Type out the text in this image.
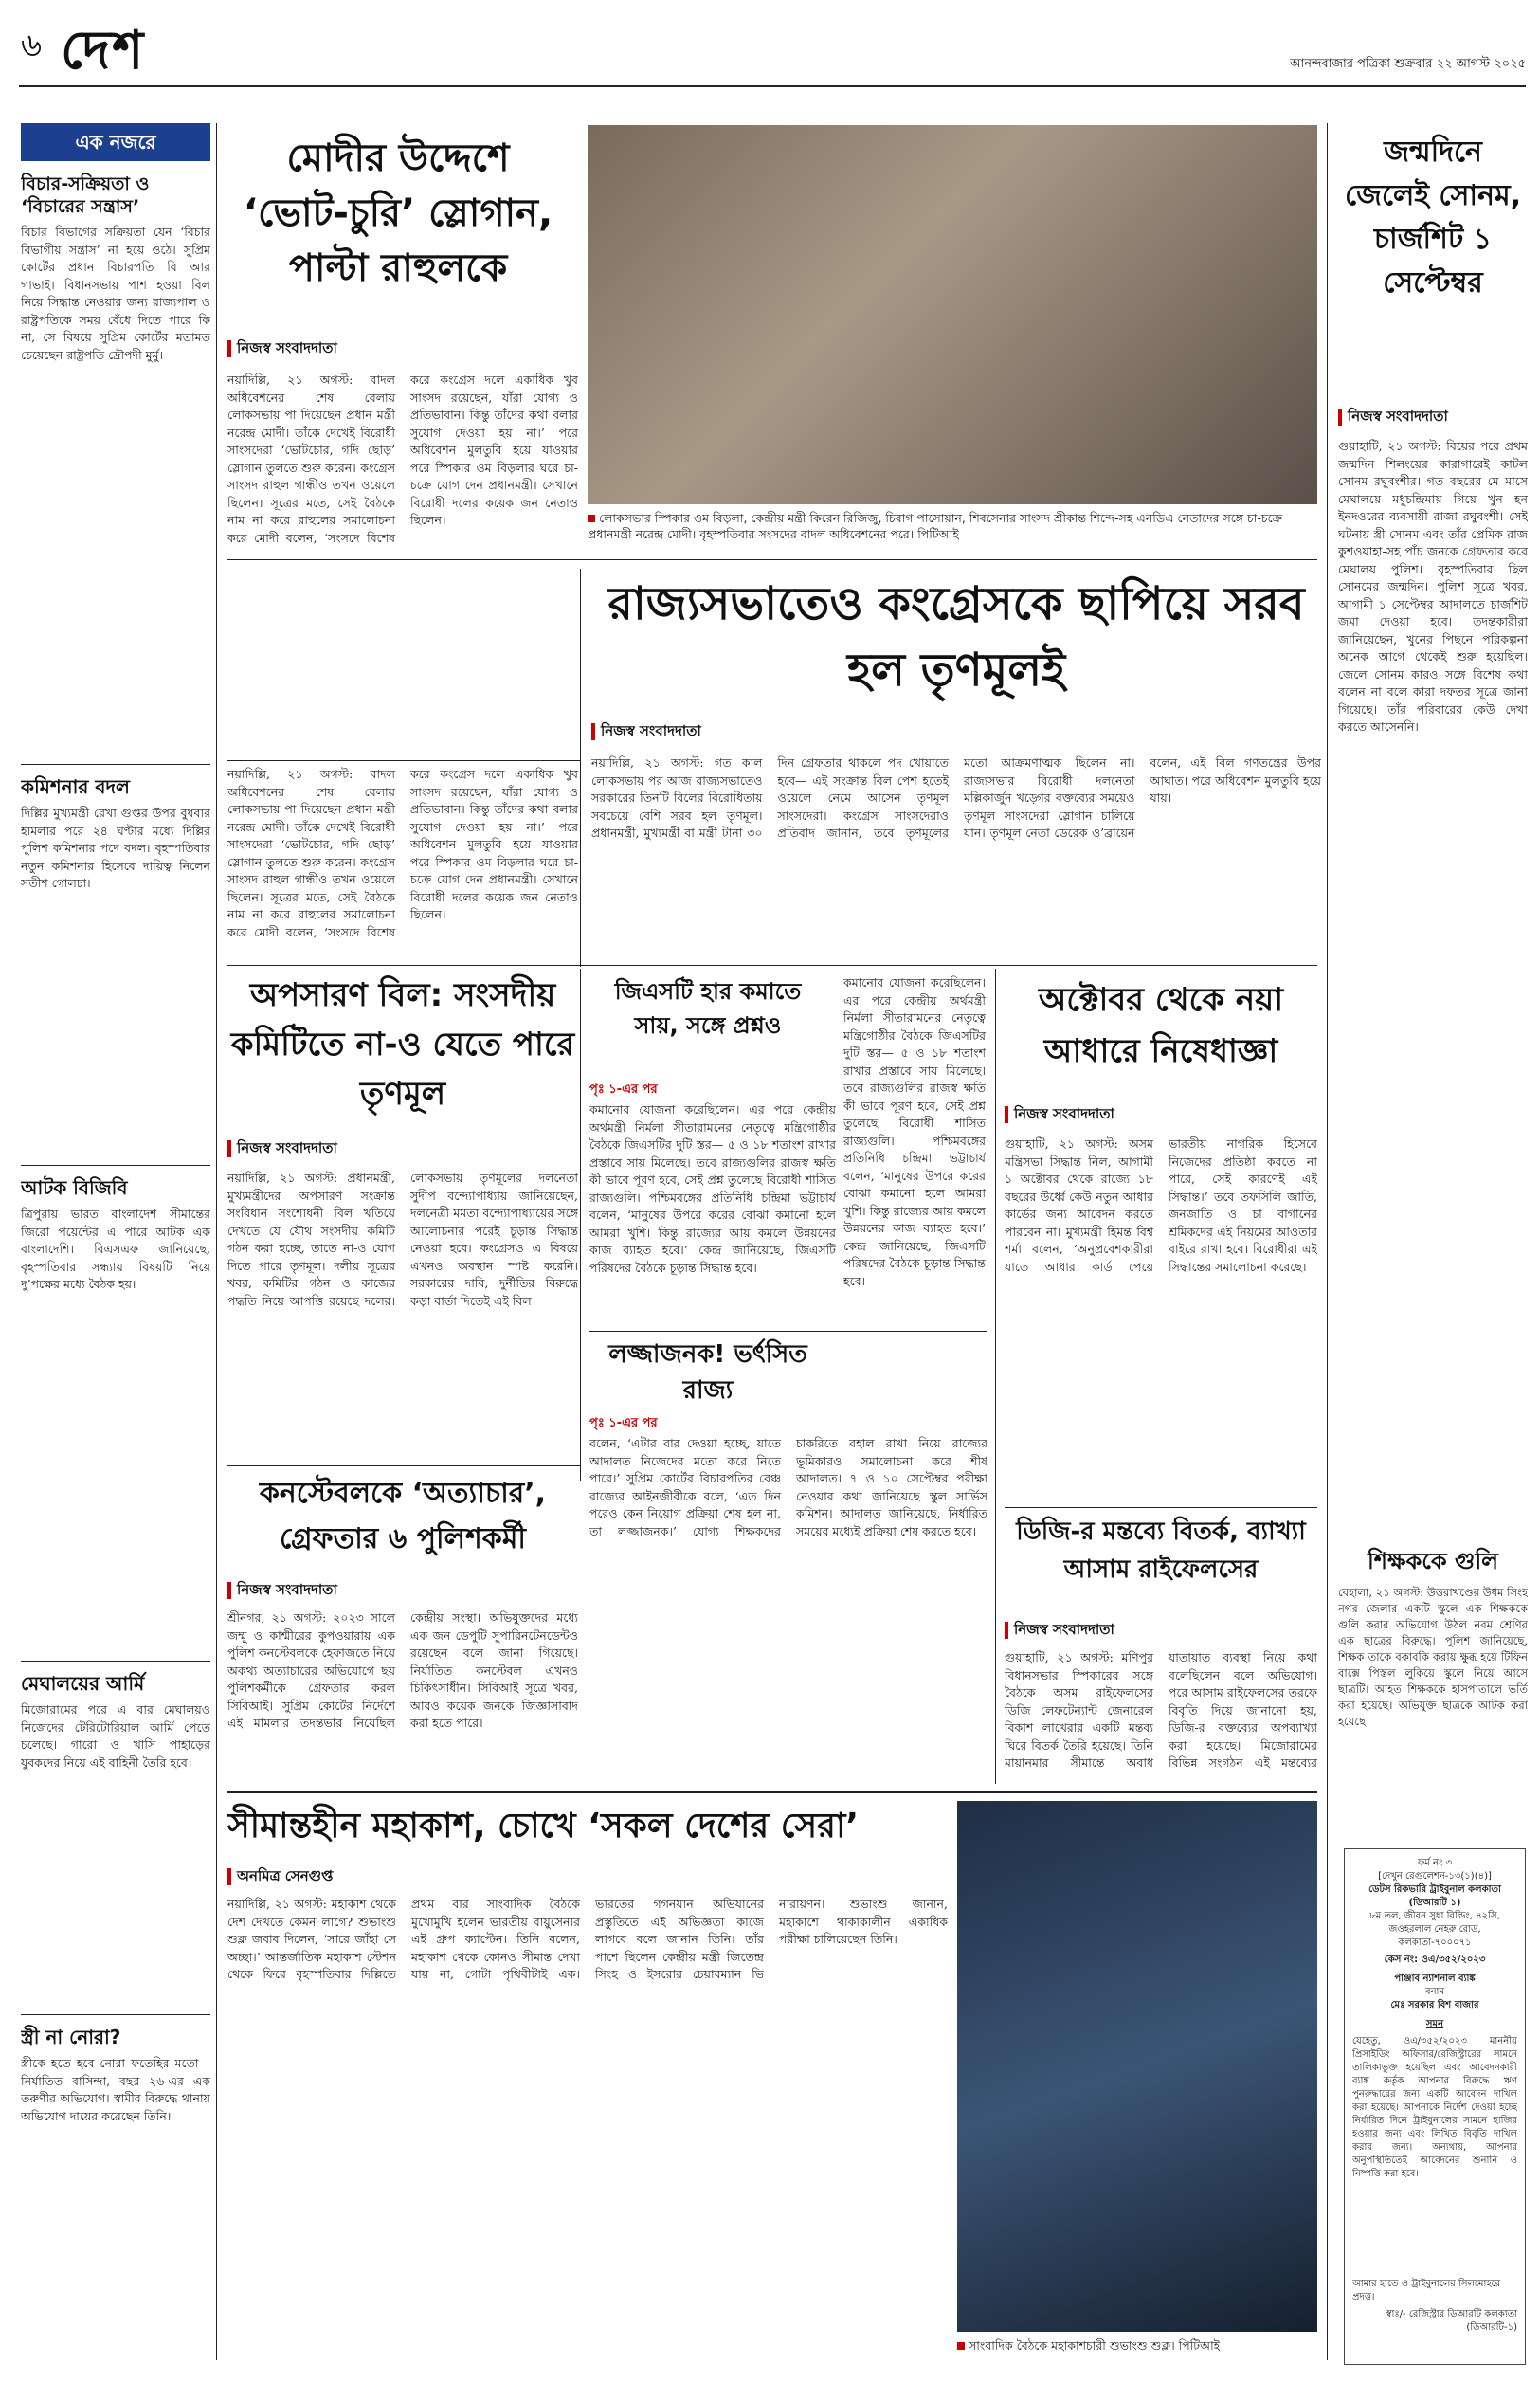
৬ দেশ	আনন্দবাজার পত্রিকা শুক্রবার ২২ আগস্ট ২০২৫
এক নজরে
বিচার-সক্রিয়তা ও ‘বিচারের সন্ত্রাস’
বিচার বিভাগের সক্রিয়তা যেন ‘বিচার বিভাগীয় সন্ত্রাস’ না হয়ে ওঠে। সুপ্রিম কোর্টের প্রধান বিচারপতি বি আর গাভাই। বিধানসভায় পাশ হওয়া বিল নিয়ে সিদ্ধান্ত নেওয়ার জন্য রাজ্যপাল ও রাষ্ট্রপতিকে সময় বেঁধে দিতে পারে কি না, সে বিষয়ে সুপ্রিম কোর্টের মতামত চেয়েছেন রাষ্ট্রপতি দ্রৌপদী মুর্মু।
কমিশনার বদল
দিল্লির মুখ্যমন্ত্রী রেখা গুপ্তর উপর বুধবার হামলার পরে ২৪ ঘণ্টার মধ্যে দিল্লির পুলিশ কমিশনার পদে বদল। বৃহস্পতিবার নতুন কমিশনার হিসেবে দায়িত্ব নিলেন সতীশ গোলচা।
আটক বিজিবি
ত্রিপুরায় ভারত বাংলাদেশ সীমান্তের জিরো পয়েন্টের এ পারে আটক এক বাংলাদেশি। বিএসএফ জানিয়েছে, বৃহস্পতিবার সন্ধ্যায় বিষয়টি নিয়ে দু’পক্ষের মধ্যে বৈঠক হয়।
মেঘালয়ের আর্মি
মিজোরামের পরে এ বার মেঘালয়ও নিজেদের টেরিটোরিয়াল আর্মি পেতে চলেছে। গারো ও খাসি পাহাড়ের যুবকদের নিয়ে এই বাহিনী তৈরি হবে।
স্ত্রী না নোরা?
স্ত্রীকে হতে হবে নোরা ফতেহির মতো— নির্যাতিত বাসিন্দা, বছর ২৬-এর এক তরুণীর অভিযোগ। স্বামীর বিরুদ্ধে থানায় অভিযোগ দায়ের করেছেন তিনি।
মোদীর উদ্দেশে ‘ভোট-চুরি’ স্লোগান, পাল্টা রাহুলকে
নিজস্ব সংবাদদাতা
নয়াদিল্লি, ২১ অগস্ট: বাদল অধিবেশনের শেষ বেলায় লোকসভায় পা দিয়েছেন প্রধান মন্ত্রী নরেন্দ্র মোদী। তাঁকে দেখেই বিরোধী সাংসদেরা ‘ভোটচোর, গদি ছোড়’ স্লোগান তুলতে শুরু করেন। কংগ্রেস সাংসদ রাহুল গান্ধীও তখন ওয়েলে ছিলেন। সূত্রের মতে, সেই বৈঠকে নাম না করে রাহুলের সমালোচনা করে মোদী বলেন, ‘সংসদে বিশেষ করে কংগ্রেস দলে একাধিক খুব সাংসদ রয়েছেন, যাঁরা যোগ্য ও প্রতিভাবান। কিন্তু তাঁদের কথা বলার সুযোগ দেওয়া হয় না।’ পরে অধিবেশন মুলতুবি হয়ে যাওয়ার পরে স্পিকার ওম বিড়লার ঘরে চা-চক্রে যোগ দেন প্রধানমন্ত্রী। সেখানে বিরোধী দলের কয়েক জন নেতাও ছিলেন।	লোকসভার স্পিকার ওম বিড়লা, কেন্দ্রীয় মন্ত্রী কিরেন রিজিজু, চিরাগ পাসোয়ান, শিবসেনার সাংসদ শ্রীকান্ত শিন্দে-সহ এনডিএ নেতাদের সঙ্গে চা-চক্রে প্রধানমন্ত্রী নরেন্দ্র মোদী। বৃহস্পতিবার সংসদের বাদল অধিবেশনের পরে। পিটিআই
জন্মদিনে জেলেই সোনম, চার্জশিট ১ সেপ্টেম্বর
নিজস্ব সংবাদদাতা
গুয়াহাটি, ২১ অগস্ট: বিয়ের পরে প্রথম জন্মদিন শিলংয়ের কারাগারেই কাটল সোনম রঘুবংশীর। গত বছরের মে মাসে মেঘালয়ে মধুচন্দ্রিমায় গিয়ে খুন হন ইনদওরের ব্যবসায়ী রাজা রঘুবংশী। সেই ঘটনায় স্ত্রী সোনম এবং তাঁর প্রেমিক রাজ কুশওয়াহা-সহ পাঁচ জনকে গ্রেফতার করে মেঘালয় পুলিশ। বৃহস্পতিবার ছিল সোনমের জন্মদিন। পুলিশ সূত্রে খবর, আগামী ১ সেপ্টেম্বর আদালতে চার্জশিট জমা দেওয়া হবে। তদন্তকারীরা জানিয়েছেন, খুনের পিছনে পরিকল্পনা অনেক আগে থেকেই শুরু হয়েছিল। জেলে সোনম কারও সঙ্গে বিশেষ কথা বলেন না বলে কারা দফতর সূত্রে জানা গিয়েছে। তাঁর পরিবারের কেউ দেখা করতে আসেননি।
শিক্ষককে গুলি
বেহালা, ২১ অগস্ট: উত্তরাখণ্ডের উধম সিংহ নগর জেলার একটি স্কুলে এক শিক্ষককে গুলি করার অভিযোগ উঠল নবম শ্রেণির এক ছাত্রের বিরুদ্ধে। পুলিশ জানিয়েছে, শিক্ষক তাকে বকাবকি করায় ক্ষুব্ধ হয়ে টিফিন বাক্সে পিস্তল লুকিয়ে স্কুলে নিয়ে আসে ছাত্রটি। আহত শিক্ষককে হাসপাতালে ভর্তি করা হয়েছে। অভিযুক্ত ছাত্রকে আটক করা হয়েছে।
ফর্ম নং ৩
[দেখুন রেগুলেশন-১৩(১)(৪)]
ডেটস রিকভারি ট্রাইবুনাল কলকাতা (ডিআরটি ১)
৮ম তল, জীবন সুধা বিল্ডিং, ৪২সি, জওহরলাল নেহরু রোড, কলকাতা-৭০০০৭১
কেস নং: ওএ/৩৫২/২০২৩
পাঞ্জাব ন্যাশনাল ব্যাঙ্ক
বনাম
মেঃ সরকার বিশ বাজার
সমন
যেহেতু, ওএ/৩৫২/২০২৩ মাননীয় প্রিসাইডিং অফিসার/রেজিস্ট্রারের সামনে তালিকাভুক্ত হয়েছিল এবং আবেদনকারী ব্যাঙ্ক কর্তৃক আপনার বিরুদ্ধে ঋণ পুনরুদ্ধারের জন্য একটি আবেদন দাখিল করা হয়েছে। আপনাকে নির্দেশ দেওয়া হচ্ছে নির্ধারিত দিনে ট্রাইবুনালের সামনে হাজির হওয়ার জন্য এবং লিখিত বিবৃতি দাখিল করার জন্য। অন্যথায়, আপনার অনুপস্থিতিতেই আবেদনের শুনানি ও নিষ্পত্তি করা হবে।
আমার হাতে ও ট্রাইবুনালের সিলমোহরে প্রদত্ত।
স্বাঃ/- রেজিস্ট্রার ডিআরটি কলকাতা (ডিআরটি-১)
রাজ্যসভাতেও কংগ্রেসকে ছাপিয়ে সরব হল তৃণমূলই
নিজস্ব সংবাদদাতা
নয়াদিল্লি, ২১ অগস্ট: গত কাল লোকসভায় পর আজ রাজ্যসভাতেও সরকারের তিনটি বিলের বিরোধিতায় সবচেয়ে বেশি সরব হল তৃণমূল। প্রধানমন্ত্রী, মুখ্যমন্ত্রী বা মন্ত্রী টানা ৩০ দিন গ্রেফতার থাকলে পদ খোয়াতে হবে— এই সংক্রান্ত বিল পেশ হতেই ওয়েলে নেমে আসেন তৃণমূল সাংসদেরা। কংগ্রেস সাংসদেরাও প্রতিবাদ জানান, তবে তৃণমূলের মতো আক্রমণাত্মক ছিলেন না। রাজ্যসভার বিরোধী দলনেতা মল্লিকার্জুন খড়্গের বক্তব্যের সময়েও তৃণমূল সাংসদেরা স্লোগান চালিয়ে যান। তৃণমূল নেতা ডেরেক ও’ব্রায়েন বলেন, এই বিল গণতন্ত্রের উপর আঘাত। পরে অধিবেশন মুলতুবি হয়ে যায়।
নয়াদিল্লি, ২১ অগস্ট: বাদল অধিবেশনের শেষ বেলায় লোকসভায় পা দিয়েছেন প্রধান মন্ত্রী নরেন্দ্র মোদী। তাঁকে দেখেই বিরোধী সাংসদেরা ‘ভোটচোর, গদি ছোড়’ স্লোগান তুলতে শুরু করেন। কংগ্রেস সাংসদ রাহুল গান্ধীও তখন ওয়েলে ছিলেন। সূত্রের মতে, সেই বৈঠকে নাম না করে রাহুলের সমালোচনা করে মোদী বলেন, ‘সংসদে বিশেষ করে কংগ্রেস দলে একাধিক খুব সাংসদ রয়েছেন, যাঁরা যোগ্য ও প্রতিভাবান। কিন্তু তাঁদের কথা বলার সুযোগ দেওয়া হয় না।’ পরে অধিবেশন মুলতুবি হয়ে যাওয়ার পরে স্পিকার ওম বিড়লার ঘরে চা-চক্রে যোগ দেন প্রধানমন্ত্রী। সেখানে বিরোধী দলের কয়েক জন নেতাও ছিলেন।
অপসারণ বিল: সংসদীয় কমিটিতে না-ও যেতে পারে তৃণমূল
নিজস্ব সংবাদদাতা
নয়াদিল্লি, ২১ অগস্ট: প্রধানমন্ত্রী, মুখ্যমন্ত্রীদের অপসারণ সংক্রান্ত সংবিধান সংশোধনী বিল খতিয়ে দেখতে যে যৌথ সংসদীয় কমিটি গঠন করা হচ্ছে, তাতে না-ও যোগ দিতে পারে তৃণমূল। দলীয় সূত্রের খবর, কমিটির গঠন ও কাজের পদ্ধতি নিয়ে আপত্তি রয়েছে দলের। লোকসভায় তৃণমূলের দলনেতা সুদীপ বন্দ্যোপাধ্যায় জানিয়েছেন, দলনেত্রী মমতা বন্দ্যোপাধ্যায়ের সঙ্গে আলোচনার পরেই চূড়ান্ত সিদ্ধান্ত নেওয়া হবে। কংগ্রেসও এ বিষয়ে এখনও অবস্থান স্পষ্ট করেনি। সরকারের দাবি, দুর্নীতির বিরুদ্ধে কড়া বার্তা দিতেই এই বিল।
জিএসটি হার কমাতে সায়, সঙ্গে প্রশ্নও
পৃঃ ১-এর পর
কমানোর যোজনা করেছিলেন। এর পরে কেন্দ্রীয় অর্থমন্ত্রী নির্মলা সীতারামনের নেতৃত্বে মন্ত্রিগোষ্ঠীর বৈঠকে জিএসটির দুটি স্তর— ৫ ও ১৮ শতাংশ রাখার প্রস্তাবে সায় মিলেছে। তবে রাজ্যগুলির রাজস্ব ক্ষতি কী ভাবে পূরণ হবে, সেই প্রশ্ন তুলেছে বিরোধী শাসিত রাজ্যগুলি। পশ্চিমবঙ্গের প্রতিনিধি চন্দ্রিমা ভট্টাচার্য বলেন, ‘মানুষের উপরে করের বোঝা কমানো হলে আমরা খুশি। কিন্তু রাজ্যের আয় কমলে উন্নয়নের কাজ ব্যাহত হবে।’ কেন্দ্র জানিয়েছে, জিএসটি পরিষদের বৈঠকে চূড়ান্ত সিদ্ধান্ত হবে।
কমানোর যোজনা করেছিলেন। এর পরে কেন্দ্রীয় অর্থমন্ত্রী নির্মলা সীতারামনের নেতৃত্বে মন্ত্রিগোষ্ঠীর বৈঠকে জিএসটির দুটি স্তর— ৫ ও ১৮ শতাংশ রাখার প্রস্তাবে সায় মিলেছে। তবে রাজ্যগুলির রাজস্ব ক্ষতি কী ভাবে পূরণ হবে, সেই প্রশ্ন তুলেছে বিরোধী শাসিত রাজ্যগুলি। পশ্চিমবঙ্গের প্রতিনিধি চন্দ্রিমা ভট্টাচার্য বলেন, ‘মানুষের উপরে করের বোঝা কমানো হলে আমরা খুশি। কিন্তু রাজ্যের আয় কমলে উন্নয়নের কাজ ব্যাহত হবে।’ কেন্দ্র জানিয়েছে, জিএসটি পরিষদের বৈঠকে চূড়ান্ত সিদ্ধান্ত হবে।
লজ্জাজনক! ভর্ৎসিত রাজ্য
পৃঃ ১-এর পর
বলেন, ‘এটার বার দেওয়া হচ্ছে, যাতে আদালত নিজেদের মতো করে নিতে পারে।’ সুপ্রিম কোর্টের বিচারপতির বেঞ্চ রাজ্যের আইনজীবীকে বলে, ‘এত দিন পরেও কেন নিয়োগ প্রক্রিয়া শেষ হল না, তা লজ্জাজনক।’ যোগ্য শিক্ষকদের চাকরিতে বহাল রাখা নিয়ে রাজ্যের ভূমিকারও সমালোচনা করে শীর্ষ আদালত। ৭ ও ১০ সেপ্টেম্বর পরীক্ষা নেওয়ার কথা জানিয়েছে স্কুল সার্ভিস কমিশন। আদালত জানিয়েছে, নির্ধারিত সময়ের মধ্যেই প্রক্রিয়া শেষ করতে হবে।
অক্টোবর থেকে নয়া আধারে নিষেধাজ্ঞা
নিজস্ব সংবাদদাতা
গুয়াহাটি, ২১ অগস্ট: অসম মন্ত্রিসভা সিদ্ধান্ত নিল, আগামী ১ অক্টোবর থেকে রাজ্যে ১৮ বছরের উর্ধ্বে কেউ নতুন আধার কার্ডের জন্য আবেদন করতে পারবেন না। মুখ্যমন্ত্রী হিমন্ত বিশ্ব শর্মা বলেন, ‘অনুপ্রবেশকারীরা যাতে আধার কার্ড পেয়ে ভারতীয় নাগরিক হিসেবে নিজেদের প্রতিষ্ঠা করতে না পারে, সেই কারণেই এই সিদ্ধান্ত।’ তবে তফসিলি জাতি, জনজাতি ও চা বাগানের শ্রমিকদের এই নিয়মের আওতার বাইরে রাখা হবে। বিরোধীরা এই সিদ্ধান্তের সমালোচনা করেছে।
ডিজি-র মন্তব্যে বিতর্ক, ব্যাখ্যা আসাম রাইফেলসের
নিজস্ব সংবাদদাতা
গুয়াহাটি, ২১ অগস্ট: মণিপুর বিধানসভার স্পিকারের সঙ্গে বৈঠকে অসম রাইফেলসের ডিজি লেফটেন্যান্ট জেনারেল বিকাশ লাখেরার একটি মন্তব্য ঘিরে বিতর্ক তৈরি হয়েছে। তিনি মায়ানমার সীমান্তে অবাধ যাতায়াত ব্যবস্থা নিয়ে কথা বলেছিলেন বলে অভিযোগ। পরে আসাম রাইফেলসের তরফে বিবৃতি দিয়ে জানানো হয়, ডিজি-র বক্তব্যের অপব্যাখ্যা করা হয়েছে। মিজোরামের বিভিন্ন সংগঠন এই মন্তব্যের
কনস্টেবলকে ‘অত্যাচার’, গ্রেফতার ৬ পুলিশকর্মী
নিজস্ব সংবাদদাতা
শ্রীনগর, ২১ অগস্ট: ২০২৩ সালে জম্মু ও কাশ্মীরের কুপওয়ারায় এক পুলিশ কনস্টেবলকে হেফাজতে নিয়ে অকথ্য অত্যাচারের অভিযোগে ছয় পুলিশকর্মীকে গ্রেফতার করল সিবিআই। সুপ্রিম কোর্টের নির্দেশে এই মামলার তদন্তভার নিয়েছিল কেন্দ্রীয় সংস্থা। অভিযুক্তদের মধ্যে এক জন ডেপুটি সুপারিনটেনডেন্টও রয়েছেন বলে জানা গিয়েছে। নির্যাতিত কনস্টেবল এখনও চিকিৎসাধীন। সিবিআই সূত্রে খবর, আরও কয়েক জনকে জিজ্ঞাসাবাদ করা হতে পারে।
সীমান্তহীন মহাকাশ, চোখে ‘সকল দেশের সেরা’
অনমিত্র সেনগুপ্ত
নয়াদিল্লি, ২১ অগস্ট: মহাকাশ থেকে দেশ দেখতে কেমন লাগে? শুভাংশু শুক্ল জবাব দিলেন, ‘সারে জাঁহা সে অচ্ছা।’ আন্তর্জাতিক মহাকাশ স্টেশন থেকে ফিরে বৃহস্পতিবার দিল্লিতে প্রথম বার সাংবাদিক বৈঠকে মুখোমুখি হলেন ভারতীয় বায়ুসেনার এই গ্রুপ ক্যাপ্টেন। তিনি বলেন, মহাকাশ থেকে কোনও সীমান্ত দেখা যায় না, গোটা পৃথিবীটাই এক। ভারতের গগনযান অভিযানের প্রস্তুতিতে এই অভিজ্ঞতা কাজে লাগবে বলে জানান তিনি। তাঁর পাশে ছিলেন কেন্দ্রীয় মন্ত্রী জিতেন্দ্র সিংহ ও ইসরোর চেয়ারম্যান ভি নারায়ণন। শুভাংশু জানান, মহাকাশে থাকাকালীন একাধিক পরীক্ষা চালিয়েছেন তিনি।
সাংবাদিক বৈঠকে মহাকাশচারী শুভাংশু শুক্ল। পিটিআই
